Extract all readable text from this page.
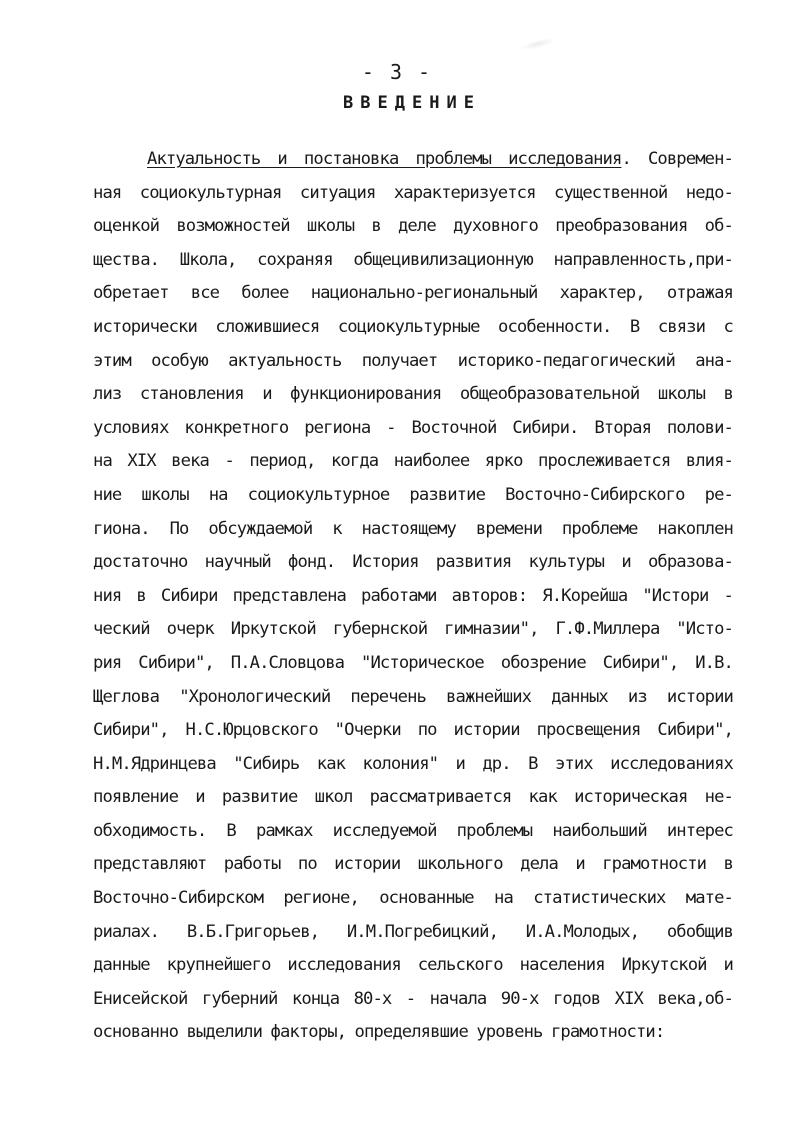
- 3 -
ВВЕДЕНИЕ
Актуальность и постановка проблемы исследования. Современ-
ная социокультурная ситуация характеризуется существенной недо-
оценкой возможностей школы в деле духовного преобразования об-
щества. Школа, сохраняя общецивилизационную направленность,при-
обретает все более национально-региональный характер, отражая
исторически сложившиеся социокультурные особенности. В связи с
этим особую актуальность получает историко-педагогический ана-
лиз становления и функционирования общеобразовательной школы в
условиях конкретного региона - Восточной Сибири. Вторая полови-
на XIX века - период, когда наиболее ярко прослеживается влия-
ние школы на социокультурное развитие Восточно-Сибирского ре-
гиона. По обсуждаемой к настоящему времени проблеме накоплен
достаточно научный фонд. История развития культуры и образова-
ния в Сибири представлена работами авторов: Я.Корейша "Истори -
ческий очерк Иркутской губернской гимназии", Г.Ф.Миллера "Исто-
рия Сибири", П.А.Словцова "Историческое обозрение Сибири", И.В.
Щеглова "Хронологический перечень важнейших данных из истории
Сибири", Н.С.Юрцовского "Очерки по истории просвещения Сибири",
Н.М.Ядринцева "Сибирь как колония" и др. В этих исследованиях
появление и развитие школ рассматривается как историческая не-
обходимость. В рамках исследуемой проблемы наибольший интерес
представляют работы по истории школьного дела и грамотности в
Восточно-Сибирском регионе, основанные на статистических мате-
риалах. В.Б.Григорьев, И.М.Погребицкий, И.А.Молодых, обобщив
данные крупнейшего исследования сельского населения Иркутской и
Енисейской губерний конца 80-х - начала 90-х годов XIX века,об-
основанно выделили факторы, определявшие уровень грамотности:
